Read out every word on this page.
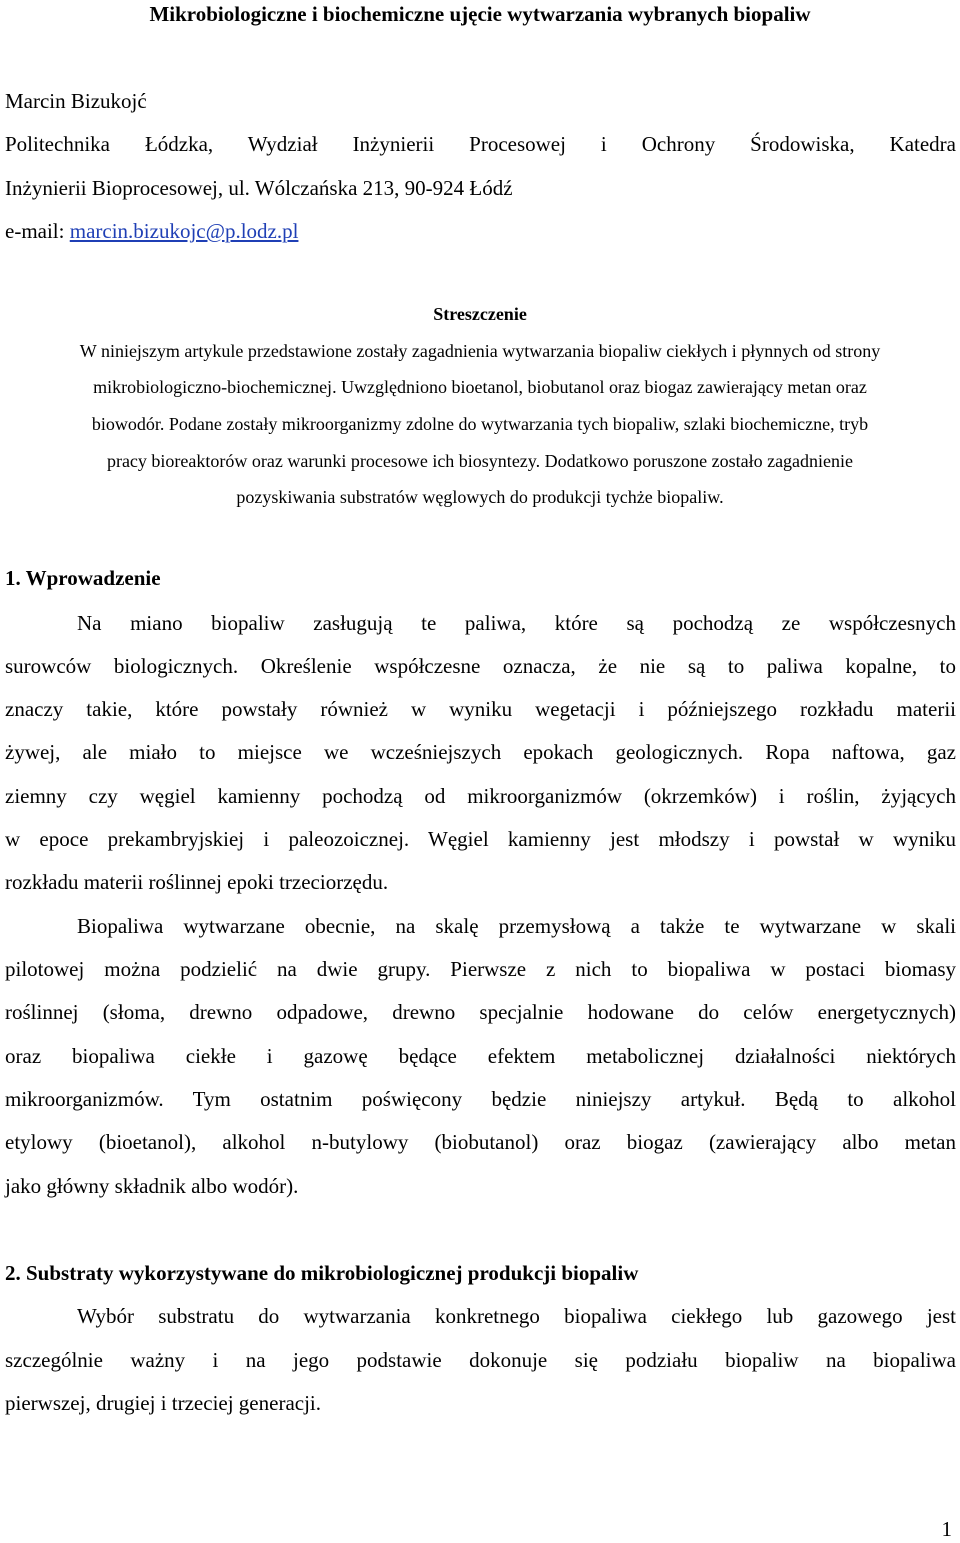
Mikrobiologiczne i biochemiczne ujęcie wytwarzania wybranych biopaliw
Marcin Bizukojć
Politechnika Łódzka, Wydział Inżynierii Procesowej i Ochrony Środowiska, Katedra
Inżynierii Bioprocesowej, ul. Wólczańska 213, 90-924 Łódź
e-mail: marcin.bizukojc@p.lodz.pl
Streszczenie
W niniejszym artykule przedstawione zostały zagadnienia wytwarzania biopaliw ciekłych i płynnych od strony
mikrobiologiczno-biochemicznej. Uwzględniono bioetanol, biobutanol oraz biogaz zawierający metan oraz
biowodór. Podane zostały mikroorganizmy zdolne do wytwarzania tych biopaliw, szlaki biochemiczne, tryb
pracy bioreaktorów oraz warunki procesowe ich biosyntezy. Dodatkowo poruszone zostało zagadnienie
pozyskiwania substratów węglowych do produkcji tychże biopaliw.
1. Wprowadzenie
Na miano biopaliw zasługują te paliwa, które są pochodzą ze współczesnych
surowców biologicznych. Określenie współczesne oznacza, że nie są to paliwa kopalne, to
znaczy takie, które powstały również w wyniku wegetacji i późniejszego rozkładu materii
żywej, ale miało to miejsce we wcześniejszych epokach geologicznych. Ropa naftowa, gaz
ziemny czy węgiel kamienny pochodzą od mikroorganizmów (okrzemków) i roślin, żyjących
w epoce prekambryjskiej i paleozoicznej. Węgiel kamienny jest młodszy i powstał w wyniku
rozkładu materii roślinnej epoki trzeciorzędu.
Biopaliwa wytwarzane obecnie, na skalę przemysłową a także te wytwarzane w skali
pilotowej można podzielić na dwie grupy. Pierwsze z nich to biopaliwa w postaci biomasy
roślinnej (słoma, drewno odpadowe, drewno specjalnie hodowane do celów energetycznych)
oraz biopaliwa ciekłe i gazowę będące efektem metabolicznej działalności niektórych
mikroorganizmów. Tym ostatnim poświęcony będzie niniejszy artykuł. Będą to alkohol
etylowy (bioetanol), alkohol n-butylowy (biobutanol) oraz biogaz (zawierający albo metan
jako główny składnik albo wodór).
2. Substraty wykorzystywane do mikrobiologicznej produkcji biopaliw
Wybór substratu do wytwarzania konkretnego biopaliwa ciekłego lub gazowego jest
szczególnie ważny i na jego podstawie dokonuje się podziału biopaliw na biopaliwa
pierwszej, drugiej i trzeciej generacji.
1
